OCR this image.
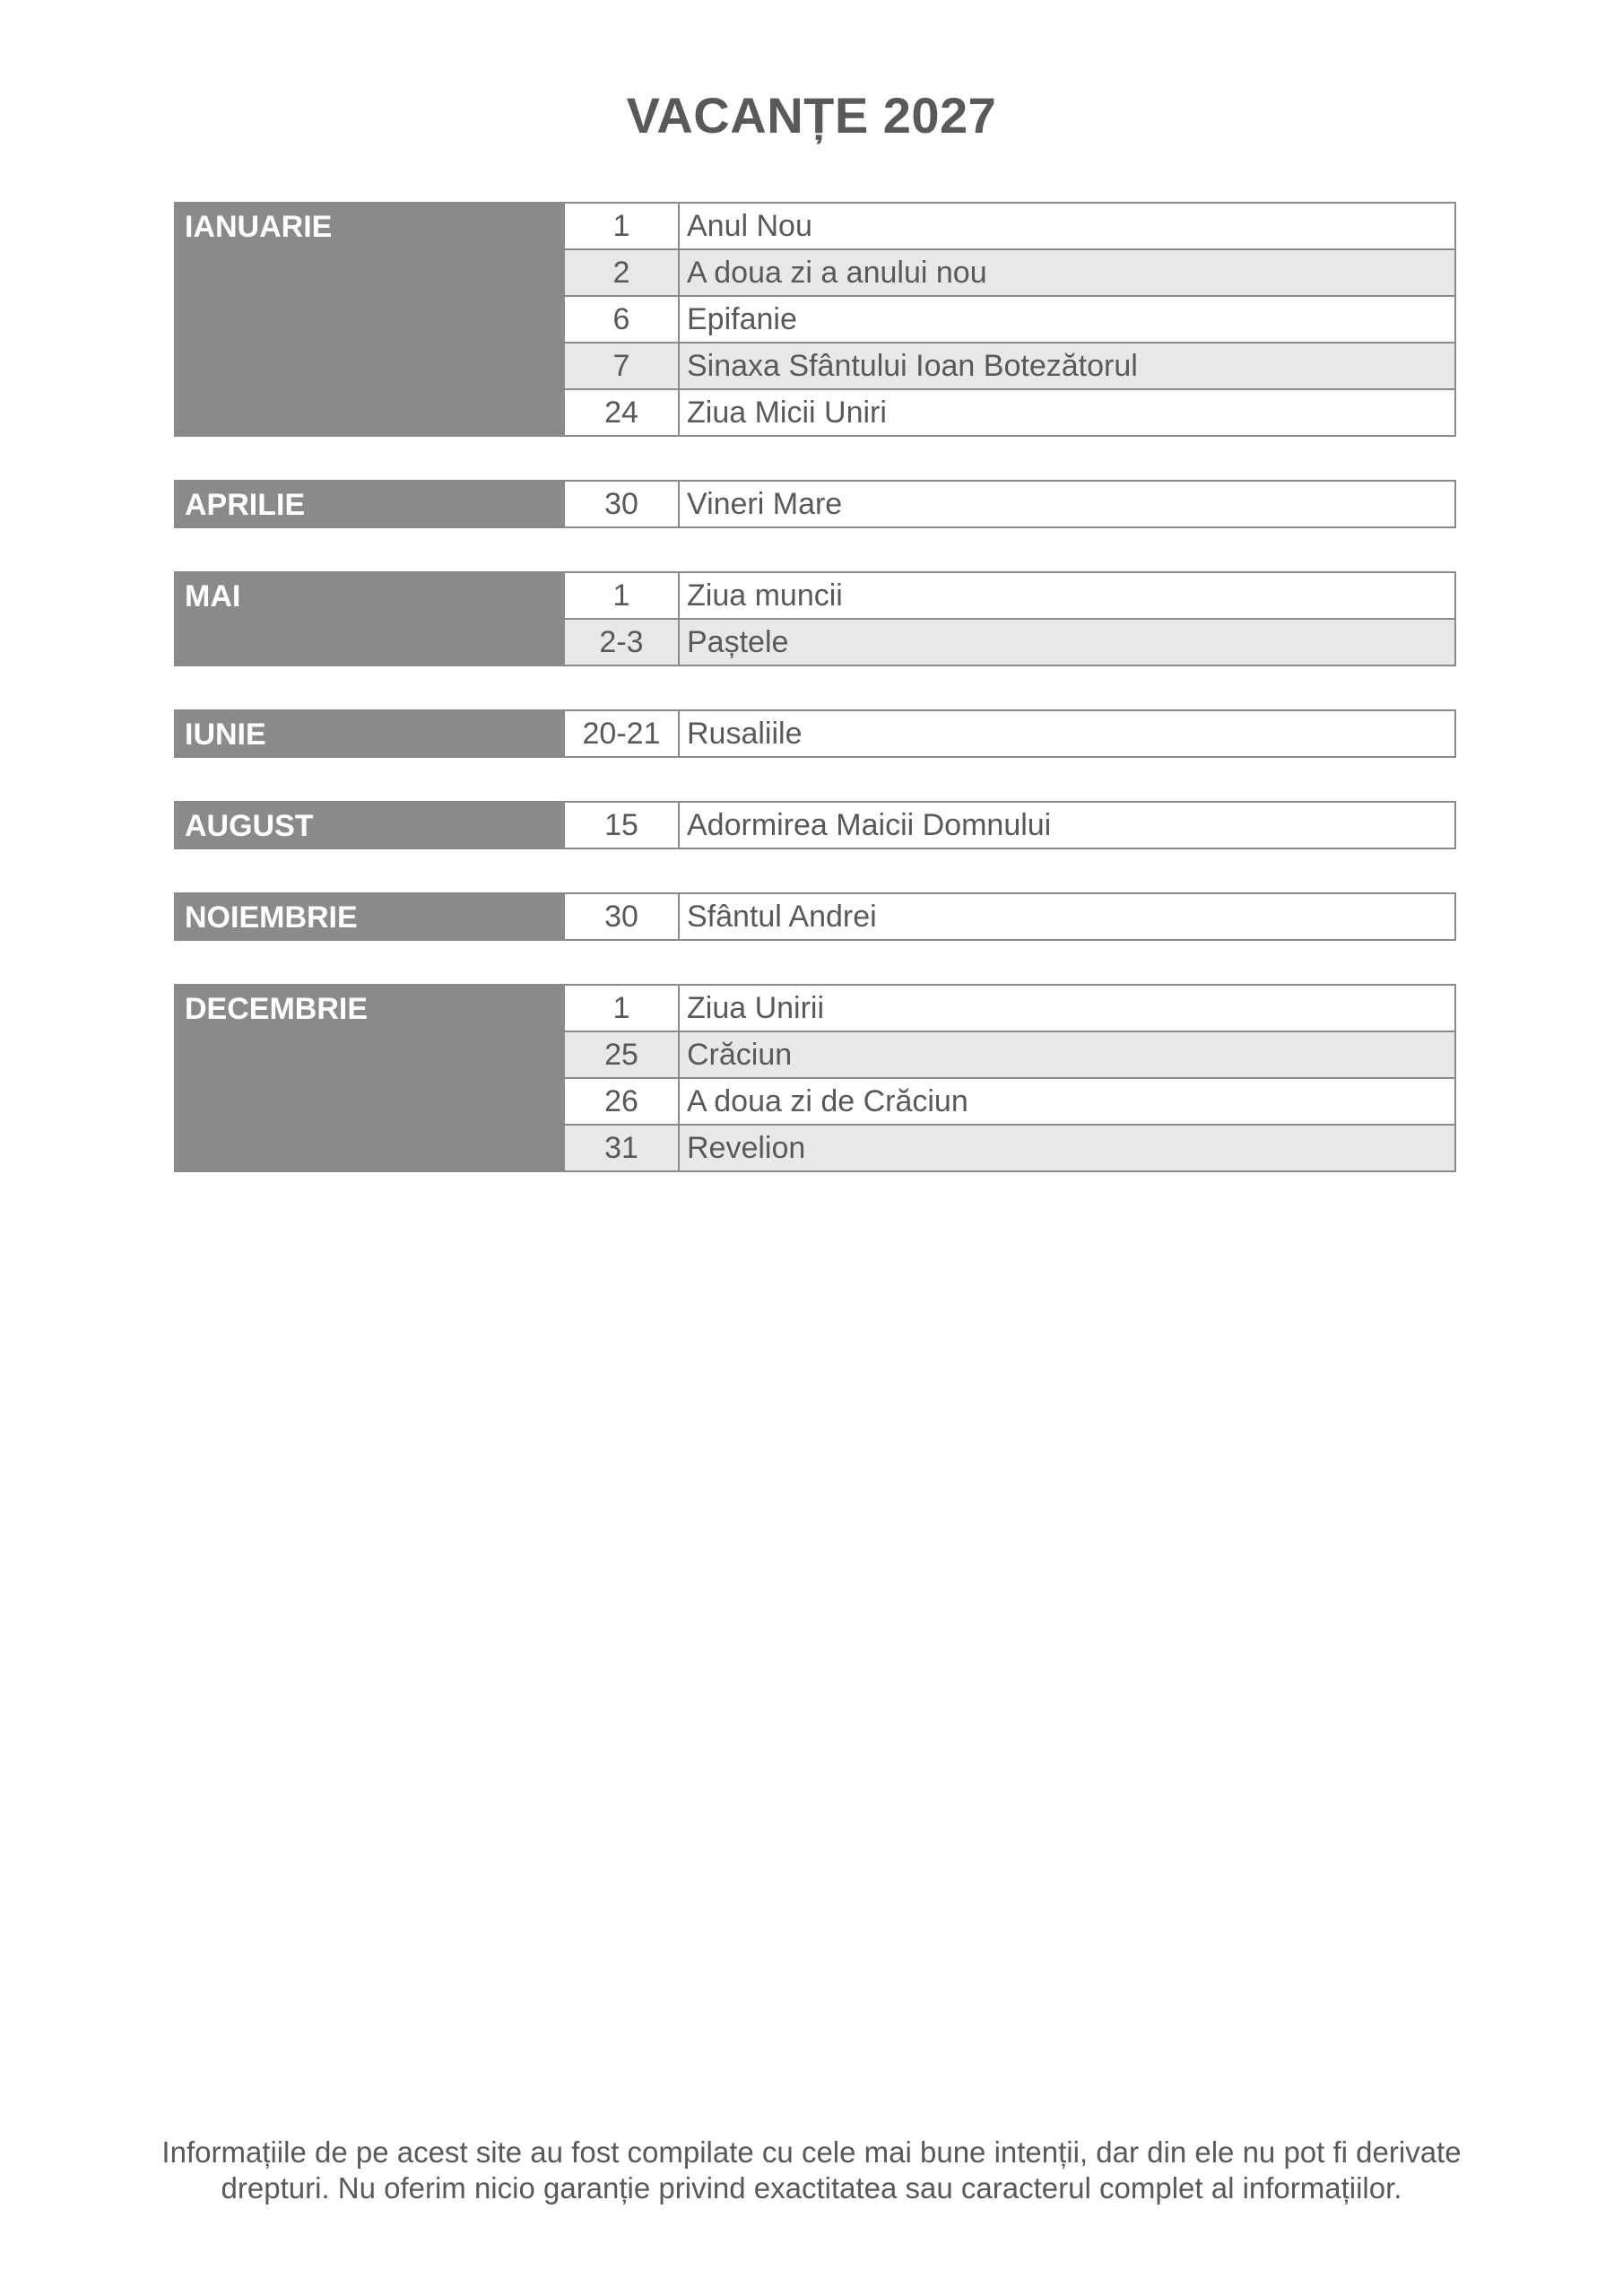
VACANȚE 2027
IANUARIE	1	Anul Nou
2	A doua zi a anului nou
6	Epifanie
7	Sinaxa Sfântului Ioan Botezătorul
24	Ziua Micii Uniri
APRILIE	30	Vineri Mare
MAI	1	Ziua muncii
2-3	Paștele
IUNIE	20-21 Rusaliile
AUGUST	15	Adormirea Maicii Domnului
NOIEMBRIE	30	Sfântul Andrei
DECEMBRIE	1	Ziua Unirii
25	Crăciun
26	A doua zi de Crăciun
31	Revelion
Informațiile de pe acest site au fost compilate cu cele mai bune intenții, dar din ele nu pot fi derivate
drepturi. Nu oferim nicio garanție privind exactitatea sau caracterul complet al informațiilor.
